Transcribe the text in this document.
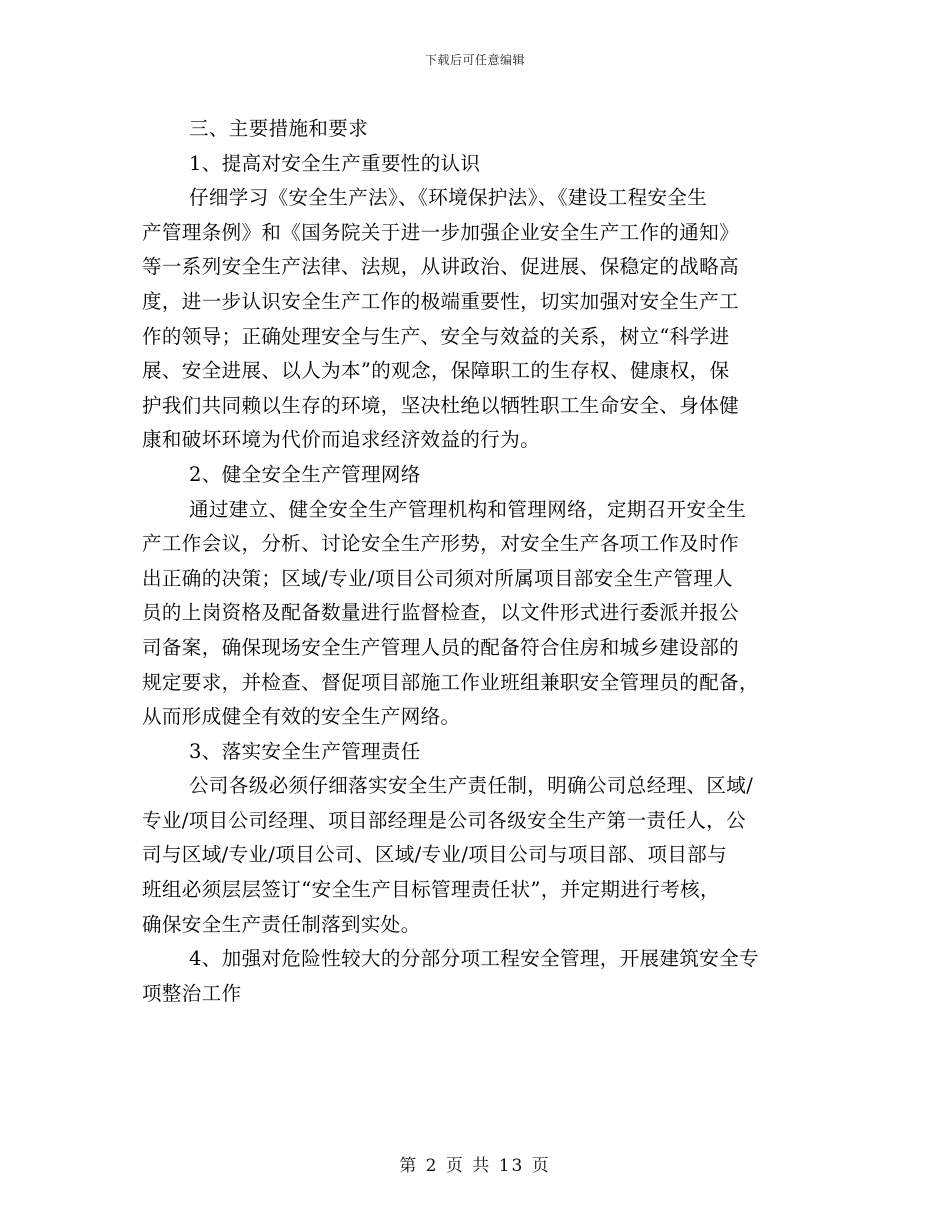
下载后可任意编辑
三、主要措施和要求
1、提高对安全生产重要性的认识
仔细学习《安全生产法》、《环境保护法》、《建设工程安全生
产管理条例》和《国务院关于进一步加强企业安全生产工作的通知》
等一系列安全生产法律、法规，从讲政治、促进展、保稳定的战略高
度，进一步认识安全生产工作的极端重要性，切实加强对安全生产工
作的领导；正确处理安全与生产、安全与效益的关系，树立“科学进
展、安全进展、以人为本”的观念，保障职工的生存权、健康权，保
护我们共同赖以生存的环境，坚决杜绝以牺牲职工生命安全、身体健
康和破坏环境为代价而追求经济效益的行为。
2、健全安全生产管理网络
通过建立、健全安全生产管理机构和管理网络，定期召开安全生
产工作会议，分析、讨论安全生产形势，对安全生产各项工作及时作
出正确的决策；区域/专业/项目公司须对所属项目部安全生产管理人
员的上岗资格及配备数量进行监督检查，以文件形式进行委派并报公
司备案，确保现场安全生产管理人员的配备符合住房和城乡建设部的
规定要求，并检查、督促项目部施工作业班组兼职安全管理员的配备，
从而形成健全有效的安全生产网络。
3、落实安全生产管理责任
公司各级必须仔细落实安全生产责任制，明确公司总经理、区域/
专业/项目公司经理、项目部经理是公司各级安全生产第一责任人，公
司与区域/专业/项目公司、区域/专业/项目公司与项目部、项目部与
班组必须层层签订“安全生产目标管理责任状”，并定期进行考核，
确保安全生产责任制落到实处。
4、加强对危险性较大的分部分项工程安全管理，开展建筑安全专
项整治工作
第 2 页 共 13 页
